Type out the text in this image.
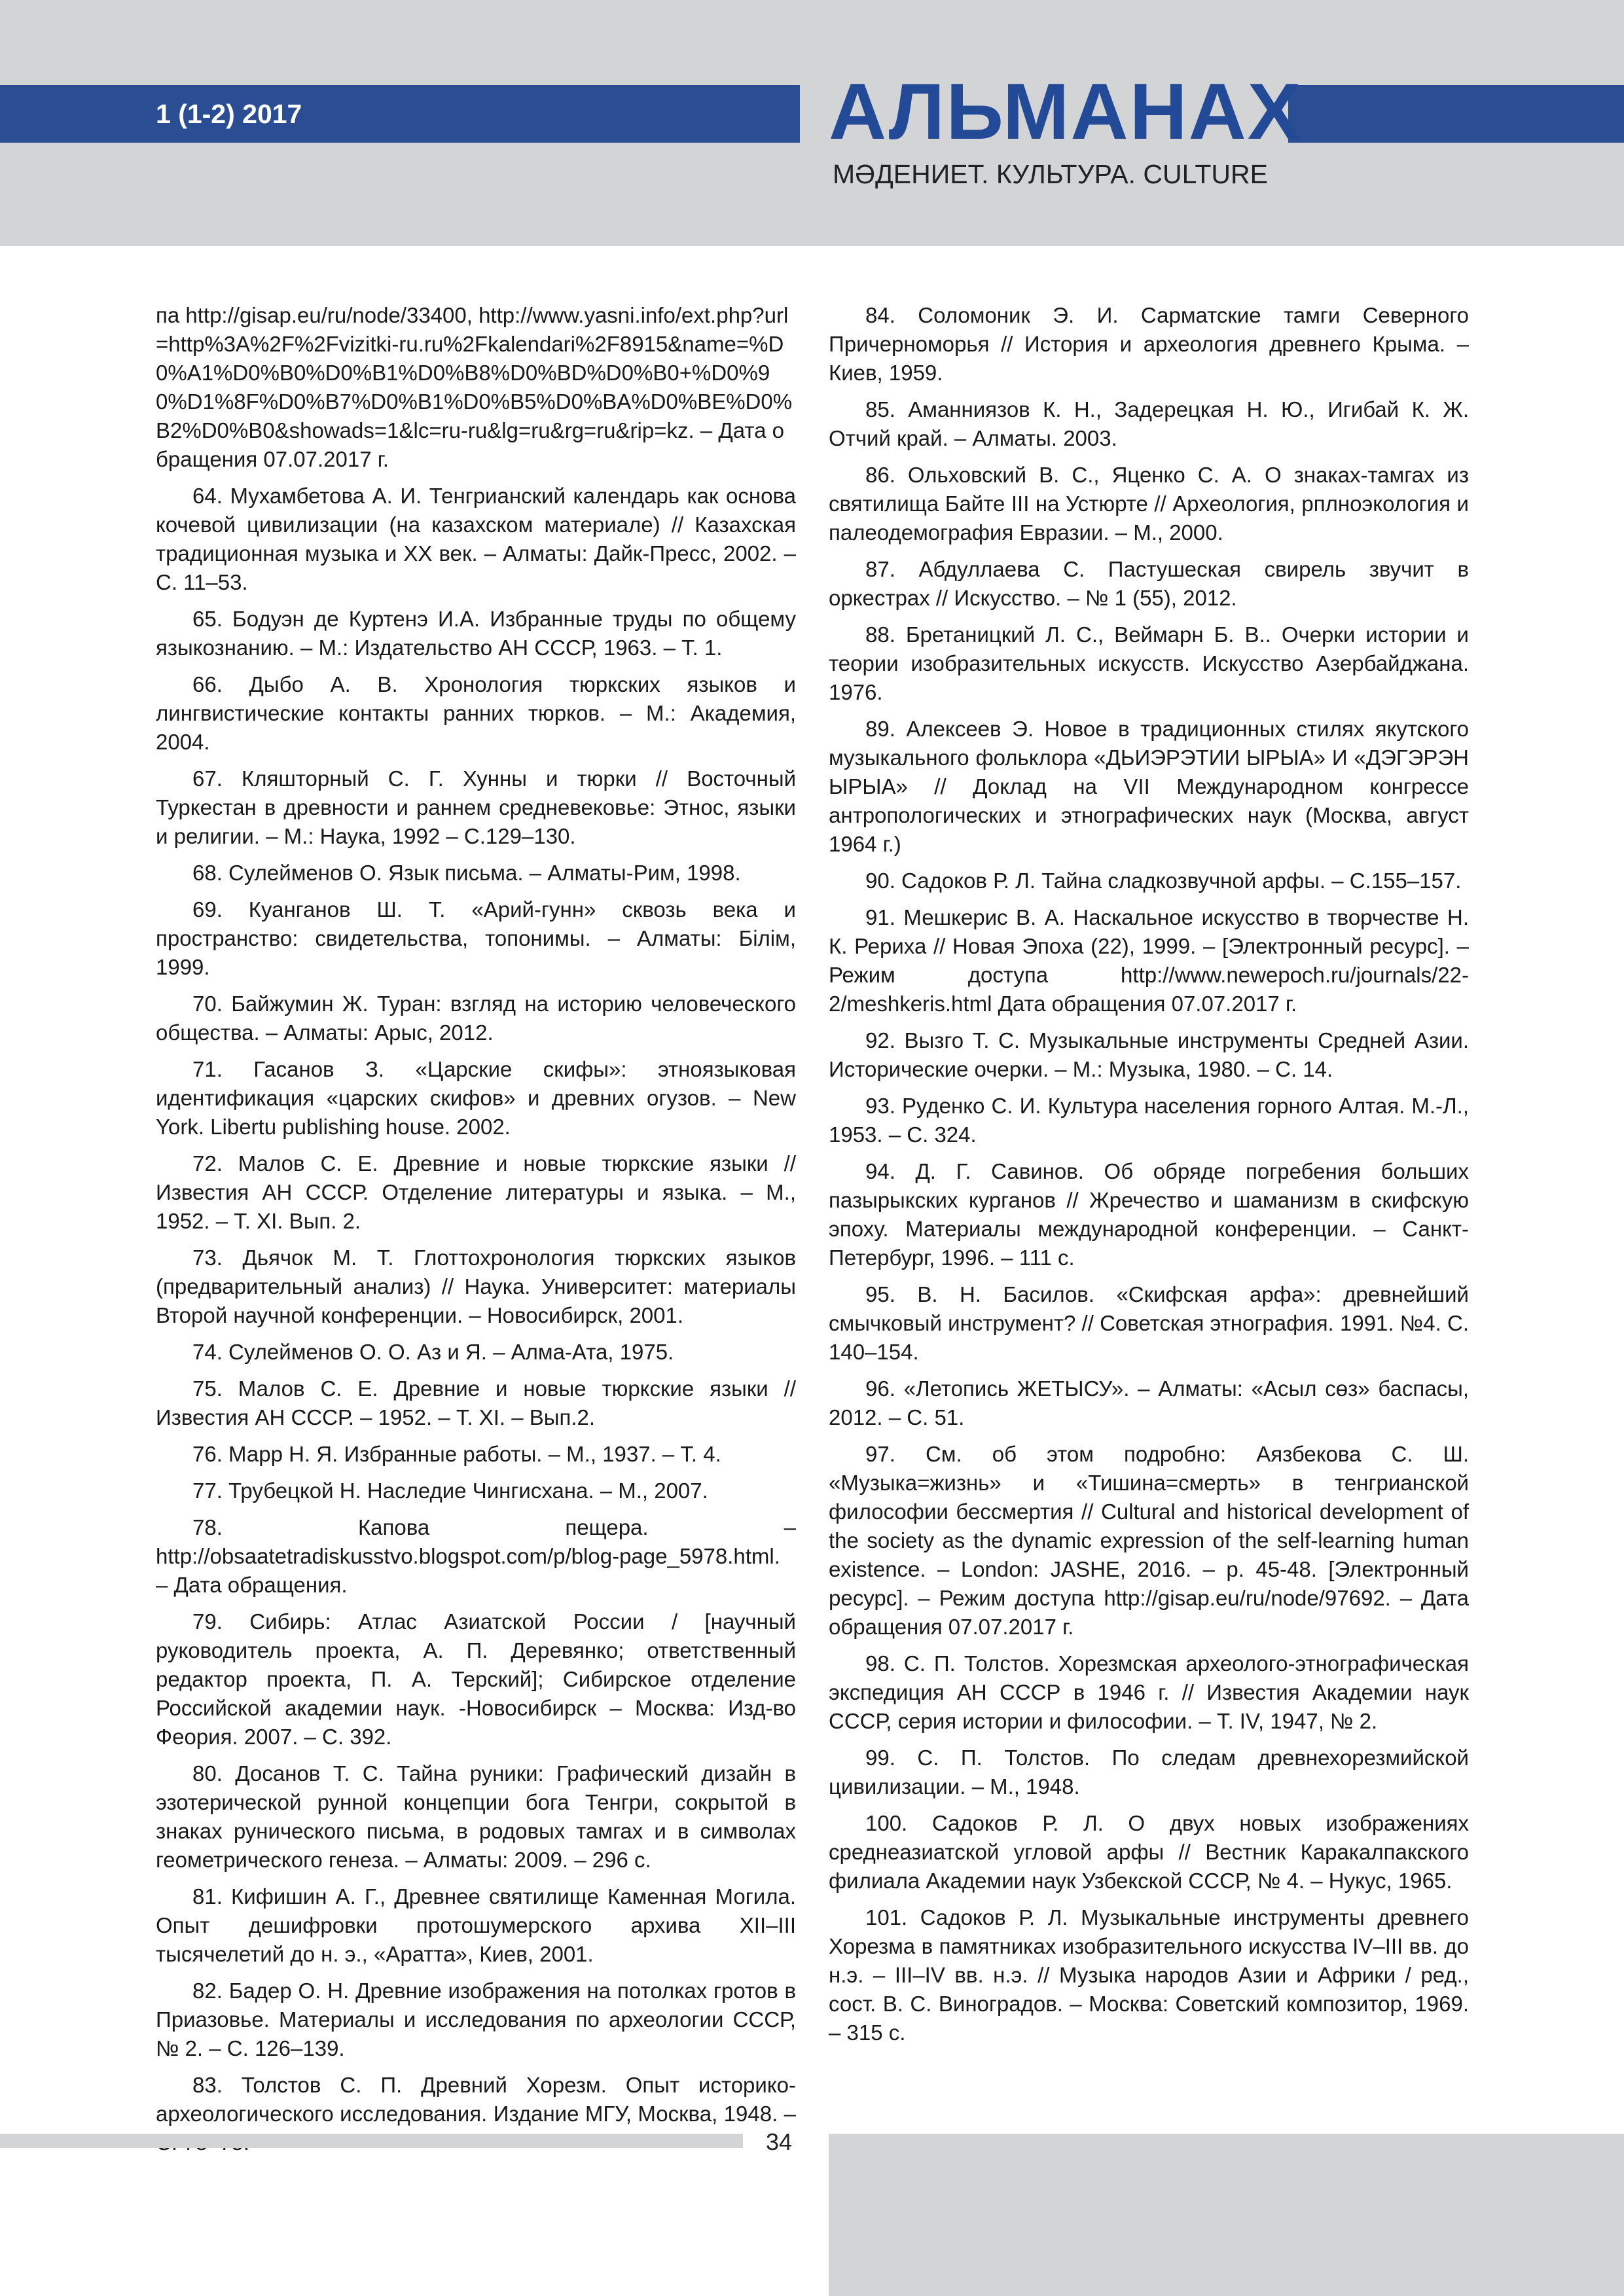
1 (1-2) 2017	АЛЬМАНАХ
МӘДЕНИЕТ. КУЛЬТУРА. CULTURE

па http://gisap.eu/ru/node/33400, http://www.yasni.info/ext.php?url=http%3A%2F%2Fvizitki-ru.ru%2Fkalendari%2F8915&name=%D0%A1%D0%B0%D0%B1%D0%B8%D0%BD%D0%B0+%D0%90%D1%8F%D0%B7%D0%B1%D0%B5%D0%BA%D0%BE%D0%B2%D0%B0&showads=1&lc=ru-ru&lg=ru&rg=ru&rip=kz. – Дата обращения 07.07.2017 г.

64. Мухамбетова А. И. Тенгрианский календарь как основа кочевой цивилизации (на казахском материале) // Казахская традиционная музыка и XX век. – Алматы: Дайк-Пресс, 2002. – С. 11–53.

65. Бодуэн де Куртенэ И.А. Избранные труды по общему языкознанию. – М.: Издательство АН СССР, 1963. – Т. 1.

66. Дыбо А. В. Хронология тюркских языков и лингвистические контакты ранних тюрков. – М.: Академия, 2004.

67. Кляшторный С. Г. Хунны и тюрки // Восточный Туркестан в древности и раннем средневековье: Этнос, языки и религии. – М.: Наука, 1992 – С.129–130.

68. Сулейменов О. Язык письма. – Алматы-Рим, 1998.

69. Куанганов Ш. Т. «Арий-гунн» сквозь века и пространство: свидетельства, топонимы. – Алматы: Білім, 1999.

70. Байжумин Ж. Туран: взгляд на историю человеческого общества. – Алматы: Арыс, 2012.

71. Гасанов З. «Царские скифы»: этноязыковая идентификация «царских скифов» и древних огузов. – New York. Libertu publishing house. 2002.

72. Малов С. Е. Древние и новые тюркские языки // Известия АН СССР. Отделение литературы и языка. – М., 1952. – Т. XI. Вып. 2.

73. Дьячок М. Т. Глоттохронология тюркских языков (предварительный анализ) // Наука. Университет: материалы Второй научной конференции. – Новосибирск, 2001.

74. Сулейменов О. О. Аз и Я. – Алма-Ата, 1975.

75. Малов С. Е. Древние и новые тюркские языки // Известия АН СССР. – 1952. – Т. XI. – Вып.2.

76. Марр Н. Я. Избранные работы. – М., 1937. – Т. 4.

77. Трубецкой Н. Наследие Чингисхана. – М., 2007.

78. Капова пещера. – http://obsaatetradiskusstvo.blogspot.com/p/blog-page_5978.html. – Дата обращения.

79. Сибирь: Атлас Азиатской России / [научный руководитель проекта, А. П. Деревянко; ответственный редактор проекта, П. А. Терский]; Сибирское отделение Российской академии наук. -Новосибирск – Москва: Изд-во Феория. 2007. – С. 392.

80. Досанов Т. С. Тайна руники: Графический дизайн в эзотерической рунной концепции бога Тенгри, сокрытой в знаках рунического письма, в родовых тамгах и в символах геометрического генеза. – Алматы: 2009. – 296 с.

81. Кифишин А. Г., Древнее святилище Каменная Могила. Опыт дешифровки протошумерского архива XII–III тысячелетий до н. э., «Аратта», Киев, 2001.

82. Бадер О. Н. Древние изображения на потолках гротов в Приазовье. Материалы и исследования по археологии СССР, № 2. – С. 126–139.

83. Толстов С. П. Древний Хорезм. Опыт историко-археологического исследования. Издание МГУ, Москва, 1948. –

84. Соломоник Э. И. Сарматские тамги Северного Причерноморья // История и археология древнего Крыма. – Киев, 1959.

85. Аманниязов К. Н., Задерецкая Н. Ю., Игибай К. Ж. Отчий край. – Алматы. 2003.

86. Ольховский В. С., Яценко С. А. О знаках-тамгах из святилища Байте III на Устюрте // Археология, рплноэкология и палеодемография Евразии. – М., 2000.

87. Абдуллаева С. Пастушеская свирель звучит в оркестрах // Искусство. – № 1 (55), 2012.

88. Бретаницкий Л. С., Веймарн Б. В.. Очерки истории и теории изобразительных искусств. Искусство Азербайджана. 1976.

89. Алексеев Э. Новое в традиционных стилях якутского музыкального фольклора «ДЬИЭРЭТИИ ЫРЫА» И «ДЭГЭРЭН ЫРЫА» // Доклад на VII Международном конгрессе антропологических и этнографических наук (Москва, август 1964 г.)

90. Садоков Р. Л. Тайна сладкозвучной арфы. – С.155–157.

91. Мешкерис В. А. Наскальное искусство в творчестве Н. К. Рериха // Новая Эпоха (22), 1999. – [Электронный ресурс]. – Режим доступа http://www.newepoch.ru/journals/22-2/meshkeris.html Дата обращения 07.07.2017 г.

92. Вызго Т. С. Музыкальные инструменты Средней Азии. Исторические очерки. – М.: Музыка, 1980. – С. 14.

93. Руденко С. И. Культура населения горного Алтая. М.-Л., 1953. – С. 324.

94. Д. Г. Савинов. Об обряде погребения больших пазырыкских курганов // Жречество и шаманизм в скифскую эпоху. Материалы международной конференции. – Санкт-Петербург, 1996. – 111 с.

95. В. Н. Басилов. «Скифская арфа»: древнейший смычковый инструмент? // Советская этнография. 1991. №4. С. 140–154.

96. «Летопись ЖЕТЫСУ». – Алматы: «Асыл сөз» баспасы, 2012. – С. 51.

97. См. об этом подробно: Аязбекова С. Ш. «Музыка=жизнь» и «Тишина=смерть» в тенгрианской философии бессмертия // Cultural and historical development of the society as the dynamic expression of the self-learning human existence. – London: JASHE, 2016. – p. 45-48. [Электронный ресурс]. – Режим доступа http://gisap.eu/ru/node/97692. – Дата обращения 07.07.2017 г.

98. С. П. Толстов. Хорезмская археолого-этнографическая экспедиция АН СССР в 1946 г. // Известия Академии наук СССР, серия истории и философии. – Т. IV, 1947, № 2.

99. С. П. Толстов. По следам древнехорезмийской цивилизации. – М., 1948.

100. Садоков Р. Л. О двух новых изображениях среднеазиатской угловой арфы // Вестник Каракалпакского филиала Академии наук Узбекской СССР, № 4. – Нукус, 1965.

101. Садоков Р. Л. Музыкальные инструменты древнего Хорезма в памятниках изобразительного искусства IV–III вв. до н.э. – III–IV вв. н.э. // Музыка народов Азии и Африки / ред., сост. В. С. Виноградов. – Москва: Советский композитор, 1969. – 315 с.

34
